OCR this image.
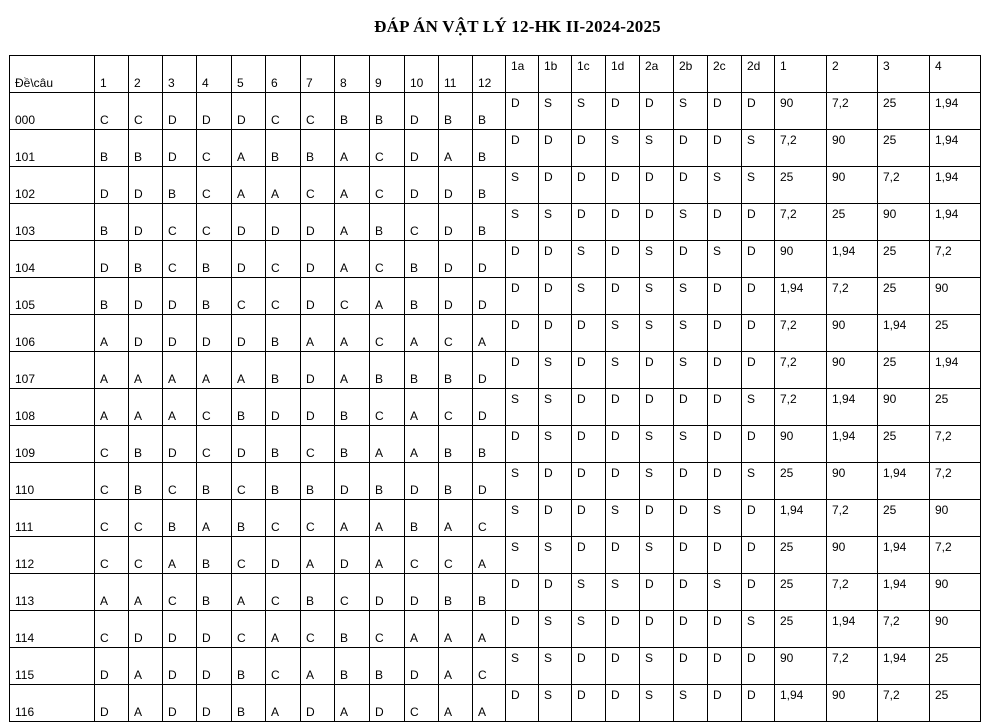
ĐÁP ÁN VẬT LÝ 12-HK II-2024-2025
Đề\câu	1	2	3	4	5	6	7	8	9	10	11	12	1a	1b	1c	1d	2a	2b	2c	2d	1	2	3	4
000	C	C	D	D	D	C	C	B	B	D	B	B	D	S	S	D	D	S	D	D	90	7,2	25	1,94
101	B	B	D	C	A	B	B	A	C	D	A	B	D	D	D	S	S	D	D	S	7,2	90	25	1,94
102	D	D	B	C	A	A	C	A	C	D	D	B	S	D	D	D	D	D	S	S	25	90	7,2	1,94
103	B	D	C	C	D	D	D	A	B	C	D	B	S	S	D	D	D	S	D	D	7,2	25	90	1,94
104	D	B	C	B	D	C	D	A	C	B	D	D	D	D	S	D	S	D	S	D	90	1,94	25	7,2
105	B	D	D	B	C	C	D	C	A	B	D	D	D	D	S	D	S	S	D	D	1,94	7,2	25	90
106	A	D	D	D	D	B	A	A	C	A	C	A	D	D	D	S	S	S	D	D	7,2	90	1,94	25
107	A	A	A	A	A	B	D	A	B	B	B	D	D	S	D	S	D	S	D	D	7,2	90	25	1,94
108	A	A	A	C	B	D	D	B	C	A	C	D	S	S	D	D	D	D	D	S	7,2	1,94	90	25
109	C	B	D	C	D	B	C	B	A	A	B	B	D	S	D	D	S	S	D	D	90	1,94	25	7,2
110	C	B	C	B	C	B	B	D	B	D	B	D	S	D	D	D	S	D	D	S	25	90	1,94	7,2
111	C	C	B	A	B	C	C	A	A	B	A	C	S	D	D	S	D	D	S	D	1,94	7,2	25	90
112	C	C	A	B	C	D	A	D	A	C	C	A	S	S	D	D	S	D	D	D	25	90	1,94	7,2
113	A	A	C	B	A	C	B	C	D	D	B	B	D	D	S	S	D	D	S	D	25	7,2	1,94	90
114	C	D	D	D	C	A	C	B	C	A	A	A	D	S	S	D	D	D	D	S	25	1,94	7,2	90
115	D	A	D	D	B	C	A	B	B	D	A	C	S	S	D	D	S	D	D	D	90	7,2	1,94	25
116	D	A	D	D	B	A	D	A	D	C	A	A	D	S	D	D	S	S	D	D	1,94	90	7,2	25
